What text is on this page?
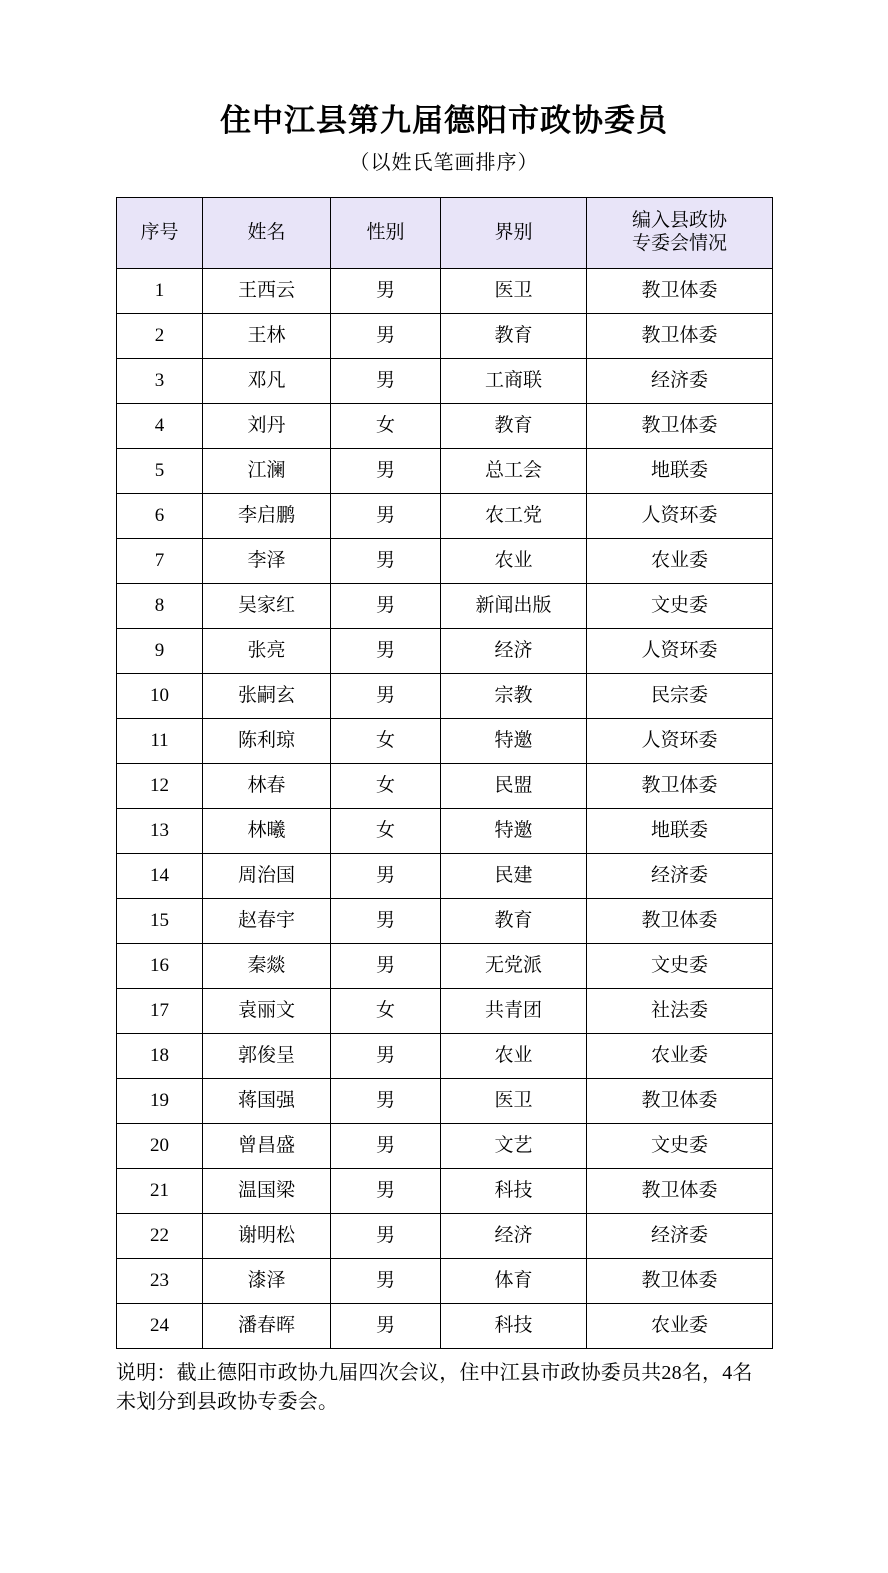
住中江县第九届德阳市政协委员
（以姓氏笔画排序）
序号	姓名	性别	界别	编入县政协
专委会情况

1	王西云	男	医卫	教卫体委
2	王林	男	教育	教卫体委
3	邓凡	男	工商联	经济委
4	刘丹	女	教育	教卫体委
5	江澜	男	总工会	地联委
6	李启鹏	男	农工党	人资环委
7	李泽	男	农业	农业委
8	吴家红	男	新闻出版	文史委
9	张亮	男	经济	人资环委
10	张嗣玄	男	宗教	民宗委
11	陈利琼	女	特邀	人资环委
12	林春	女	民盟	教卫体委
13	林曦	女	特邀	地联委
14	周治国	男	民建	经济委
15	赵春宇	男	教育	教卫体委
16	秦燚	男	无党派	文史委
17	袁丽文	女	共青团	社法委
18	郭俊呈	男	农业	农业委
19	蒋国强	男	医卫	教卫体委
20	曾昌盛	男	文艺	文史委
21	温国梁	男	科技	教卫体委
22	谢明松	男	经济	经济委
23	漆泽	男	体育	教卫体委
24	潘春晖	男	科技	农业委
说明：截止德阳市政协九届四次会议，住中江县市政协委员共28名，4名未划分到县政协专委会。
